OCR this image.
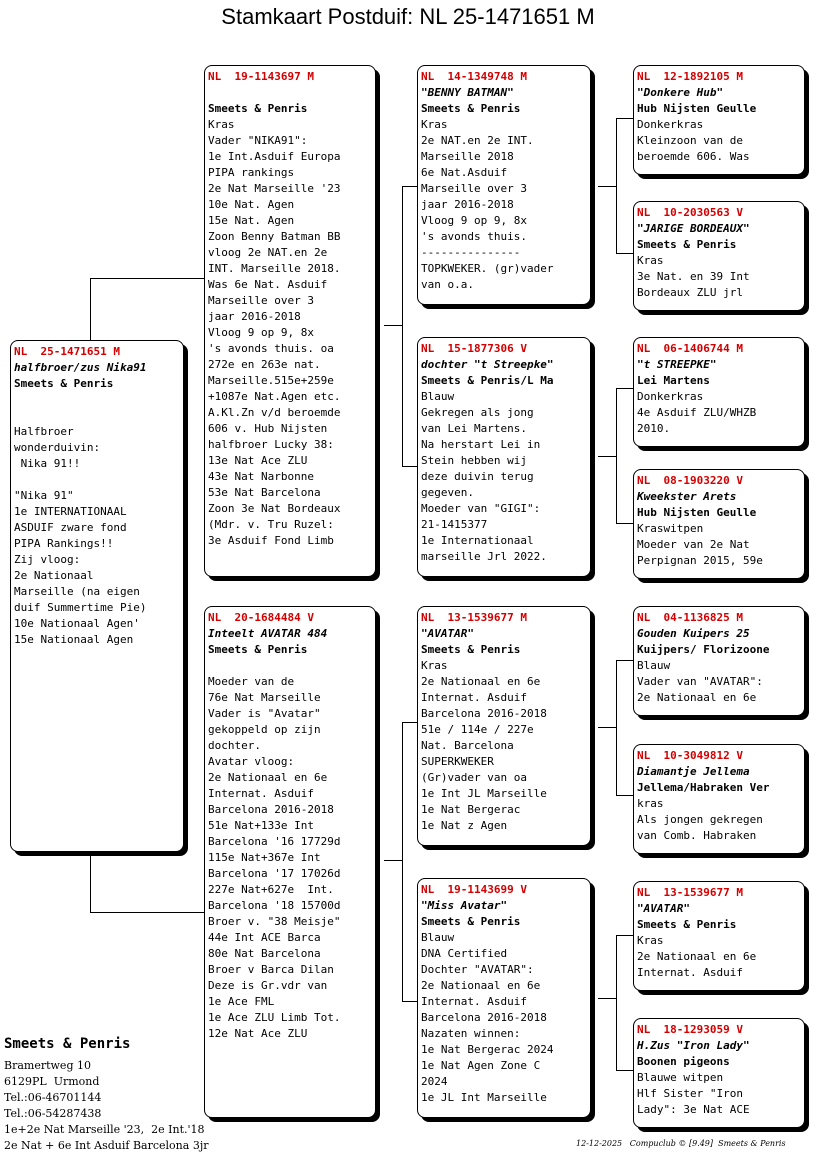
Stamkaart Postduif: NL 25-1471651 M
NL  25-1471651 M
halfbroer/zus Nika91
Smeets & Penris
Halfbroer
wonderduivin:
Nika 91!!
"Nika 91"
1e INTERNATIONAAL
ASDUIF zware fond
PIPA Rankings!!
Zij vloog:
2e Nationaal
Marseille (na eigen
duif Summertime Pie)
10e Nationaal Agen'
15e Nationaal Agen
NL  19-1143697 M
Smeets & Penris
Kras
Vader "NIKA91":
1e Int.Asduif Europa
PIPA rankings
2e Nat Marseille '23
10e Nat. Agen
15e Nat. Agen
Zoon Benny Batman BB
vloog 2e NAT.en 2e
INT. Marseille 2018.
Was 6e Nat. Asduif
Marseille over 3
jaar 2016-2018
Vloog 9 op 9, 8x
's avonds thuis. oa
272e en 263e nat.
Marseille.515e+259e
+1087e Nat.Agen etc.
A.Kl.Zn v/d beroemde
606 v. Hub Nijsten
halfbroer Lucky 38:
13e Nat Ace ZLU
43e Nat Narbonne
53e Nat Barcelona
Zoon 3e Nat Bordeaux
(Mdr. v. Tru Ruzel:
3e Asduif Fond Limb
NL  20-1684484 V
Inteelt AVATAR 484
Smeets & Penris
Moeder van de
76e Nat Marseille
Vader is "Avatar"
gekoppeld op zijn
dochter.
Avatar vloog:
2e Nationaal en 6e
Internat. Asduif
Barcelona 2016-2018
51e Nat+133e Int
Barcelona '16 17729d
115e Nat+367e Int
Barcelona '17 17026d
227e Nat+627e  Int.
Barcelona '18 15700d
Broer v. "38 Meisje"
44e Int ACE Barca
80e Nat Barcelona
Broer v Barca Dilan
Deze is Gr.vdr van
1e Ace FML
1e Ace ZLU Limb Tot.
12e Nat Ace ZLU
NL  14-1349748 M
"BENNY BATMAN"
Smeets & Penris
Kras
2e NAT.en 2e INT.
Marseille 2018
6e Nat.Asduif
Marseille over 3
jaar 2016-2018
Vloog 9 op 9, 8x
's avonds thuis.
---------------
TOPKWEKER. (gr)vader
van o.a.
NL  15-1877306 V
dochter "t Streepke"
Smeets & Penris/L Ma
Blauw
Gekregen als jong
van Lei Martens.
Na herstart Lei in
Stein hebben wij
deze duivin terug
gegeven.
Moeder van "GIGI":
21-1415377
1e Internationaal
marseille Jrl 2022.
NL  13-1539677 M
"AVATAR"
Smeets & Penris
Kras
2e Nationaal en 6e
Internat. Asduif
Barcelona 2016-2018
51e / 114e / 227e
Nat. Barcelona
SUPERKWEKER
(Gr)vader van oa
1e Int JL Marseille
1e Nat Bergerac
1e Nat z Agen
NL  19-1143699 V
"Miss Avatar"
Smeets & Penris
Blauw
DNA Certified
Dochter "AVATAR":
2e Nationaal en 6e
Internat. Asduif
Barcelona 2016-2018
Nazaten winnen:
1e Nat Bergerac 2024
1e Nat Agen Zone C
2024
1e JL Int Marseille
NL  12-1892105 M
"Donkere Hub"
Hub Nijsten Geulle
Donkerkras
Kleinzoon van de
beroemde 606. Was
NL  10-2030563 V
"JARIGE BORDEAUX"
Smeets & Penris
Kras
3e Nat. en 39 Int
Bordeaux ZLU jrl
NL  06-1406744 M
"t STREEPKE"
Lei Martens
Donkerkras
4e Asduif ZLU/WHZB
2010.
NL  08-1903220 V
Kweekster Arets
Hub Nijsten Geulle
Kraswitpen
Moeder van 2e Nat
Perpignan 2015, 59e
NL  04-1136825 M
Gouden Kuipers 25
Kuijpers/ Florizoone
Blauw
Vader van "AVATAR":
2e Nationaal en 6e
NL  10-3049812 V
Diamantje Jellema
Jellema/Habraken Ver
kras
Als jongen gekregen
van Comb. Habraken
NL  13-1539677 M
"AVATAR"
Smeets & Penris
Kras
2e Nationaal en 6e
Internat. Asduif
NL  18-1293059 V
H.Zus "Iron Lady"
Boonen pigeons
Blauwe witpen
Hlf Sister "Iron
Lady": 3e Nat ACE
Smeets & Penris
Bramertweg 10
6129PL  Urmond
Tel.:06-46701144
Tel.:06-54287438
1e+2e Nat Marseille '23,  2e Int.'18
2e Nat + 6e Int Asduif Barcelona 3jr	12-12-2025 Compuclub © [9.49]  Smeets & Penris
